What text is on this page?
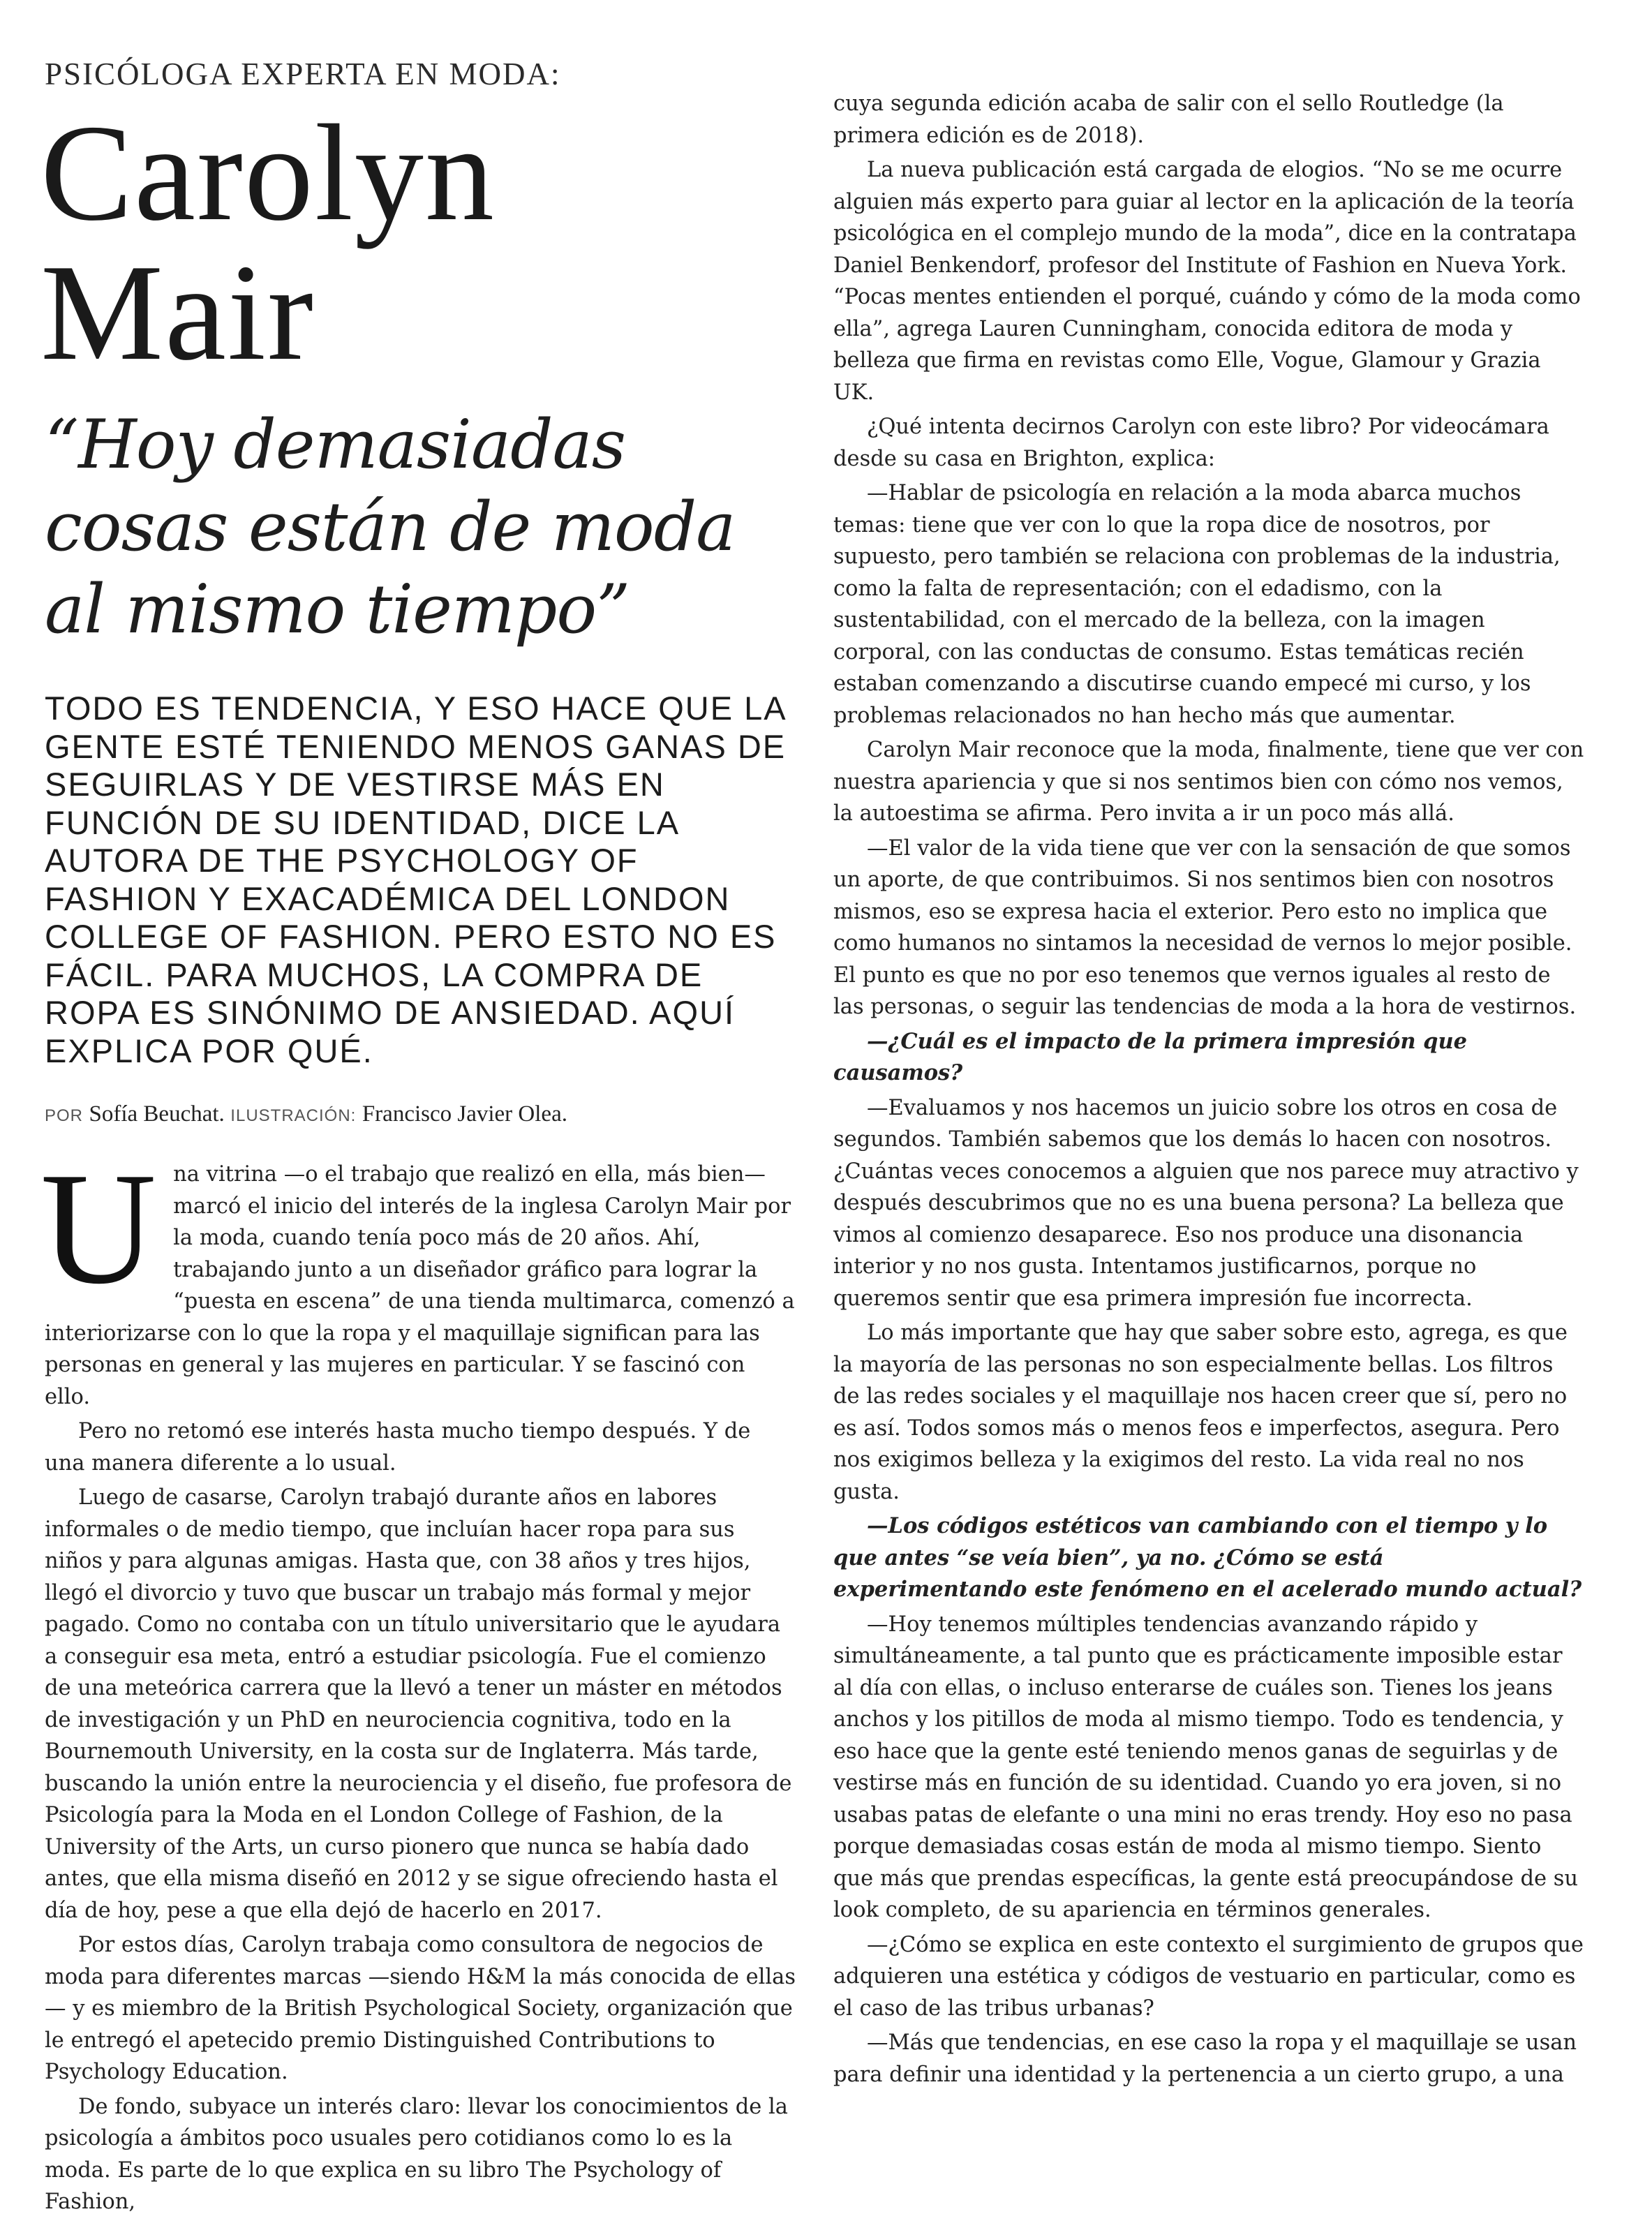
PSICÓLOGA EXPERTA EN MODA:

Carolyn Mair
“Hoy demasiadas cosas están de moda al mismo tiempo”

TODO ES TENDENCIA, Y ESO HACE QUE LA GENTE ESTÉ TENIENDO MENOS GANAS DE SEGUIRLAS Y DE VESTIRSE MÁS EN FUNCIÓN DE SU IDENTIDAD, DICE LA AUTORA DE THE PSYCHOLOGY OF FASHION Y EXACADÉMICA DEL LONDON COLLEGE OF FASHION. PERO ESTO NO ES FÁCIL. PARA MUCHOS, LA COMPRA DE ROPA ES SINÓNIMO DE ANSIEDAD. AQUÍ EXPLICA POR QUÉ.

POR Sofía Beuchat. ILUSTRACIÓN: Francisco Javier Olea.

Una vitrina —o el trabajo que realizó en ella, más bien— marcó el inicio del interés de la inglesa Carolyn Mair por la moda, cuando tenía poco más de 20 años. Ahí, trabajando junto a un diseñador gráfico para lograr la “puesta en escena” de una tienda multimarca, comenzó a interiorizarse con lo que la ropa y el maquillaje significan para las personas en general y las mujeres en particular. Y se fascinó con ello.

Pero no retomó ese interés hasta mucho tiempo después. Y de una manera diferente a lo usual.

Luego de casarse, Carolyn trabajó durante años en labores informales o de medio tiempo, que incluían hacer ropa para sus niños y para algunas amigas. Hasta que, con 38 años y tres hijos, llegó el divorcio y tuvo que buscar un trabajo más formal y mejor pagado. Como no contaba con un título universitario que le ayudara a conseguir esa meta, entró a estudiar psicología. Fue el comienzo de una meteórica carrera que la llevó a tener un máster en métodos de investigación y un PhD en neurociencia cognitiva, todo en la Bournemouth University, en la costa sur de Inglaterra. Más tarde, buscando la unión entre la neurociencia y el diseño, fue profesora de Psicología para la Moda en el London College of Fashion, de la University of the Arts, un curso pionero que nunca se había dado antes, que ella misma diseñó en 2012 y se sigue ofreciendo hasta el día de hoy, pese a que ella dejó de hacerlo en 2017.

Por estos días, Carolyn trabaja como consultora de negocios de moda para diferentes marcas —siendo H&M la más conocida de ellas— y es miembro de la British Psychological Society, organización que le entregó el apetecido premio Distinguished Contributions to Psychology Education.

De fondo, subyace un interés claro: llevar los conocimientos de la psicología a ámbitos poco usuales pero cotidianos como lo es la moda. Es parte de lo que explica en su libro The Psychology of Fashion,

cuya segunda edición acaba de salir con el sello Routledge (la primera edición es de 2018).

La nueva publicación está cargada de elogios. “No se me ocurre alguien más experto para guiar al lector en la aplicación de la teoría psicológica en el complejo mundo de la moda”, dice en la contratapa Daniel Benkendorf, profesor del Institute of Fashion en Nueva York. “Pocas mentes entienden el porqué, cuándo y cómo de la moda como ella”, agrega Lauren Cunningham, conocida editora de moda y belleza que firma en revistas como Elle, Vogue, Glamour y Grazia UK.

¿Qué intenta decirnos Carolyn con este libro? Por videocámara desde su casa en Brighton, explica:

—Hablar de psicología en relación a la moda abarca muchos temas: tiene que ver con lo que la ropa dice de nosotros, por supuesto, pero también se relaciona con problemas de la industria, como la falta de representación; con el edadismo, con la sustentabilidad, con el mercado de la belleza, con la imagen corporal, con las conductas de consumo. Estas temáticas recién estaban comenzando a discutirse cuando empecé mi curso, y los problemas relacionados no han hecho más que aumentar.

Carolyn Mair reconoce que la moda, finalmente, tiene que ver con nuestra apariencia y que si nos sentimos bien con cómo nos vemos, la autoestima se afirma. Pero invita a ir un poco más allá.

—El valor de la vida tiene que ver con la sensación de que somos un aporte, de que contribuimos. Si nos sentimos bien con nosotros mismos, eso se expresa hacia el exterior. Pero esto no implica que como humanos no sintamos la necesidad de vernos lo mejor posible. El punto es que no por eso tenemos que vernos iguales al resto de las personas, o seguir las tendencias de moda a la hora de vestirnos.

—¿Cuál es el impacto de la primera impresión que causamos?

—Evaluamos y nos hacemos un juicio sobre los otros en cosa de segundos. También sabemos que los demás lo hacen con nosotros. ¿Cuántas veces conocemos a alguien que nos parece muy atractivo y después descubrimos que no es una buena persona? La belleza que vimos al comienzo desaparece. Eso nos produce una disonancia interior y no nos gusta. Intentamos justificarnos, porque no queremos sentir que esa primera impresión fue incorrecta.

Lo más importante que hay que saber sobre esto, agrega, es que la mayoría de las personas no son especialmente bellas. Los filtros de las redes sociales y el maquillaje nos hacen creer que sí, pero no es así. Todos somos más o menos feos e imperfectos, asegura. Pero nos exigimos belleza y la exigimos del resto. La vida real no nos gusta.

—Los códigos estéticos van cambiando con el tiempo y lo que antes “se veía bien”, ya no. ¿Cómo se está experimentando este fenómeno en el acelerado mundo actual?

—Hoy tenemos múltiples tendencias avanzando rápido y simultáneamente, a tal punto que es prácticamente imposible estar al día con ellas, o incluso enterarse de cuáles son. Tienes los jeans anchos y los pitillos de moda al mismo tiempo. Todo es tendencia, y eso hace que la gente esté teniendo menos ganas de seguirlas y de vestirse más en función de su identidad. Cuando yo era joven, si no usabas patas de elefante o una mini no eras trendy. Hoy eso no pasa porque demasiadas cosas están de moda al mismo tiempo. Siento que más que prendas específicas, la gente está preocupándose de su look completo, de su apariencia en términos generales.

—¿Cómo se explica en este contexto el surgimiento de grupos que adquieren una estética y códigos de vestuario en particular, como es el caso de las tribus urbanas?

—Más que tendencias, en ese caso la ropa y el maquillaje se usan para definir una identidad y la pertenencia a un cierto grupo, a una
